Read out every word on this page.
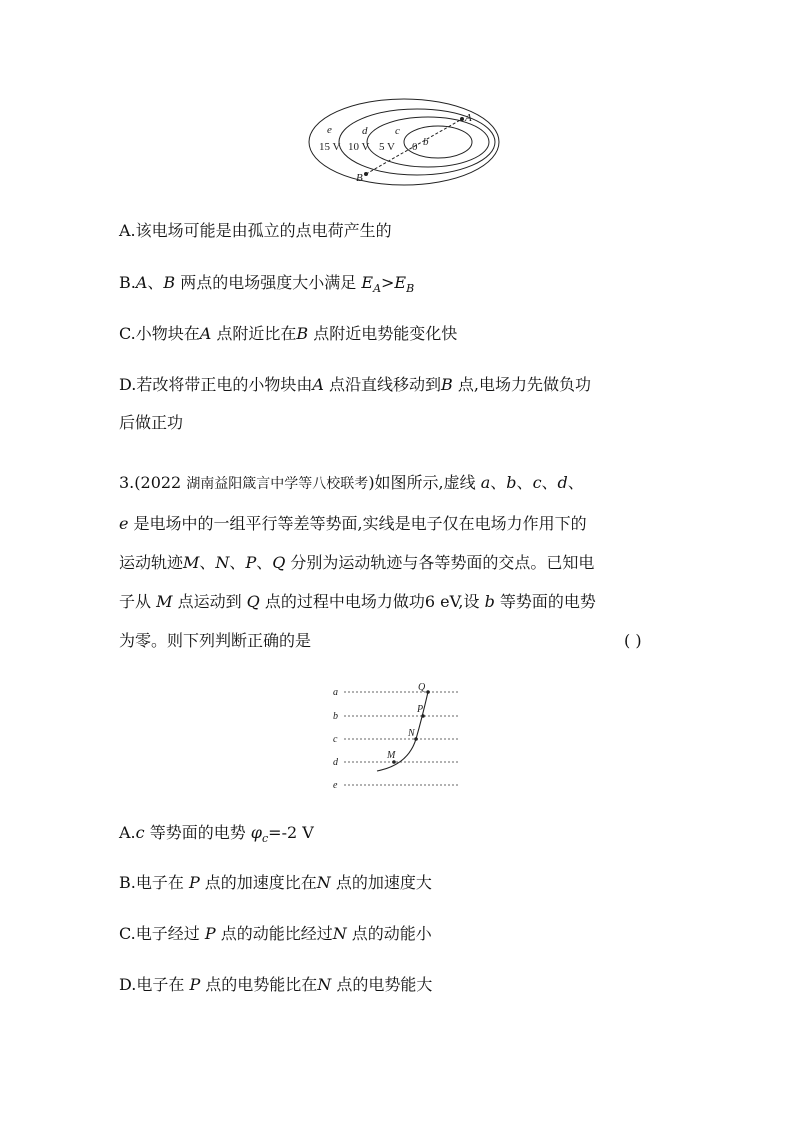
e	d	c
b
A
B
15 V 10 V 5 V 0
A.该电场可能是由孤立的点电荷产生的
B.A、B 两点的电场强度大小满足 $E_A>E_B$
C.小物块在A 点附近比在B 点附近电势能变化快
D.若改将带正电的小物块由A 点沿直线移动到B 点,电场力先做负功
后做正功
3.(2022 湖南益阳箴言中学等八校联考)如图所示,虚线 a、b、c、d、
e 是电场中的一组平行等差等势面,实线是电子仅在电场力作用下的
运动轨迹M、N、P、Q 分别为运动轨迹与各等势面的交点。已知电
子从 M 点运动到 Q 点的过程中电场力做功6 eV,设 b 等势面的电势
为零。则下列判断正确的是	( )
a
b
c
d
e
Q
P
N
M
A.c 等势面的电势 $\varphi_c=-2$ V
B.电子在 P 点的加速度比在N 点的加速度大
C.电子经过 P 点的动能比经过N 点的动能小
D.电子在 P 点的电势能比在N 点的电势能大
